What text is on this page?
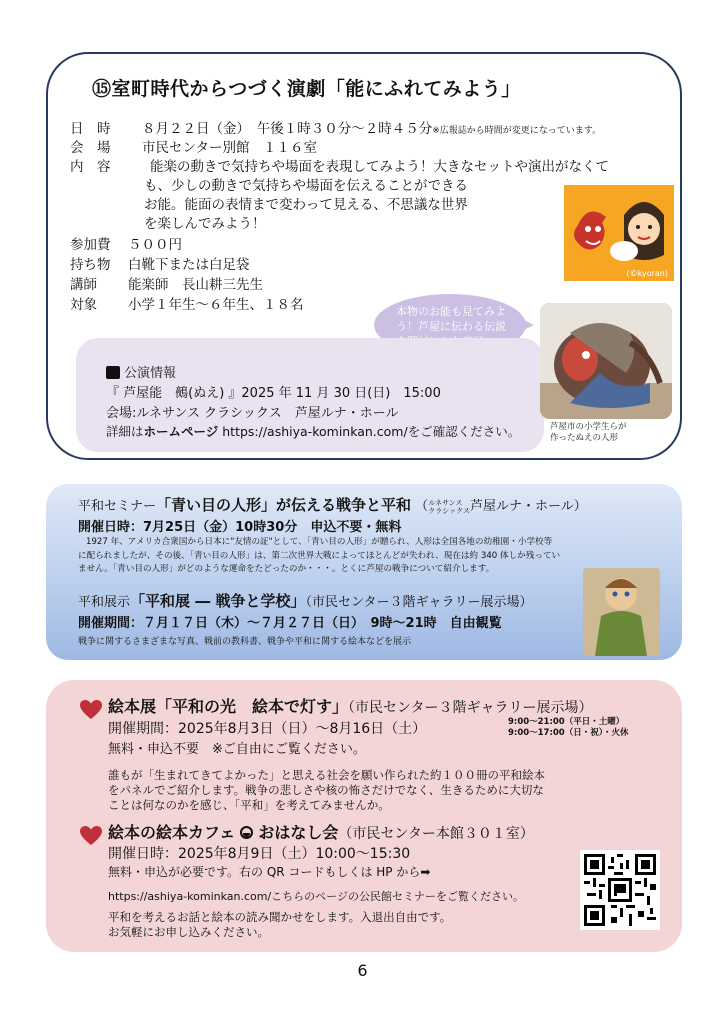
⑮室町時代からつづく演劇「能にふれてみよう」
日　時 ８月２２日（金）　午後１時３０分～２時４５分※広報誌から時間が変更になっています。
会　場 市民センター別館　１１６室
内　容	能楽の動きで気持ちや場面を表現してみよう！大きなセットや演出がなくて
も、少しの動きで気持ちや場面を伝えることができる
お能。能面の表情まで変わって見える、不思議な世界
を楽しんでみよう！
参加費 ５００円
持ち物 白靴下または白足袋
講師 能楽師　長山耕三先生
対象 小学１年生～６年生、１８名
(©kyoran)
本物のお能も見てみよ
う！芦屋に伝わる伝説
公演情報
『 芦屋能　鵺(ぬえ) 』2025 年 11 月 30 日(日)　15:00
会場:ルネサンス クラシックス　芦屋ルナ・ホール
詳細はホームページ https://ashiya-kominkan.com/をご確認ください。	芦屋市の小学生らが
作ったぬえの人形
平和セミナー「青い目の人形」が伝える戦争と平和 （ ルネサンス
クラシックス 芦屋ルナ・ホール）
開催日時：7月25日（金）10時30分　申込不要・無料
1927 年、アメリカ合衆国から日本に"友情の証"として、「青い目の人形」が贈られ、人形は全国各地の幼稚園・小学校等
に配られましたが、その後、「青い目の人形」は、第二次世界大戦によってほとんどが失われ、現在は約 340 体しか残ってい
ません。「青い目の人形」がどのような運命をたどったのか・・・。とくに芦屋の戦争について紹介します。
平和展示「平和展 ― 戦争と学校」（市民センター３階ギャラリー展示場）
開催期間：７月１７日（木）～７月２７日（日）　9時～21時　自由観覧
戦争に関するさまざまな写真、戦前の教科書、戦争や平和に関する絵本などを展示
絵本展「平和の光　絵本で灯す」（市民センター３階ギャラリー展示場）
開催期間：2025年8月3日（日）～8月16日（土）	9:00～21:00（平日・土曜）
9:00～17:00（日・祝）・火休
無料・申込不要　※ご自由にご覧ください。
誰もが「生まれてきてよかった」と思える社会を願い作られた約１００冊の平和絵本
をパネルでご紹介します。戦争の悲しさや核の怖さだけでなく、生きるために大切な
ことは何なのかを感じ、「平和」を考えてみませんか。
絵本の絵本カフェ おはなし会（市民センター本館３０１室）
開催日時：2025年8月9日（土）10:00～15:30
無料・申込が必要です。右の QR コードもしくは HP から➡
https://ashiya-kominkan.com/こちらのページの公民館セミナーをご覧ください。
平和を考えるお話と絵本の読み聞かせをします。入退出自由です。
お気軽にお申し込みください。
6
